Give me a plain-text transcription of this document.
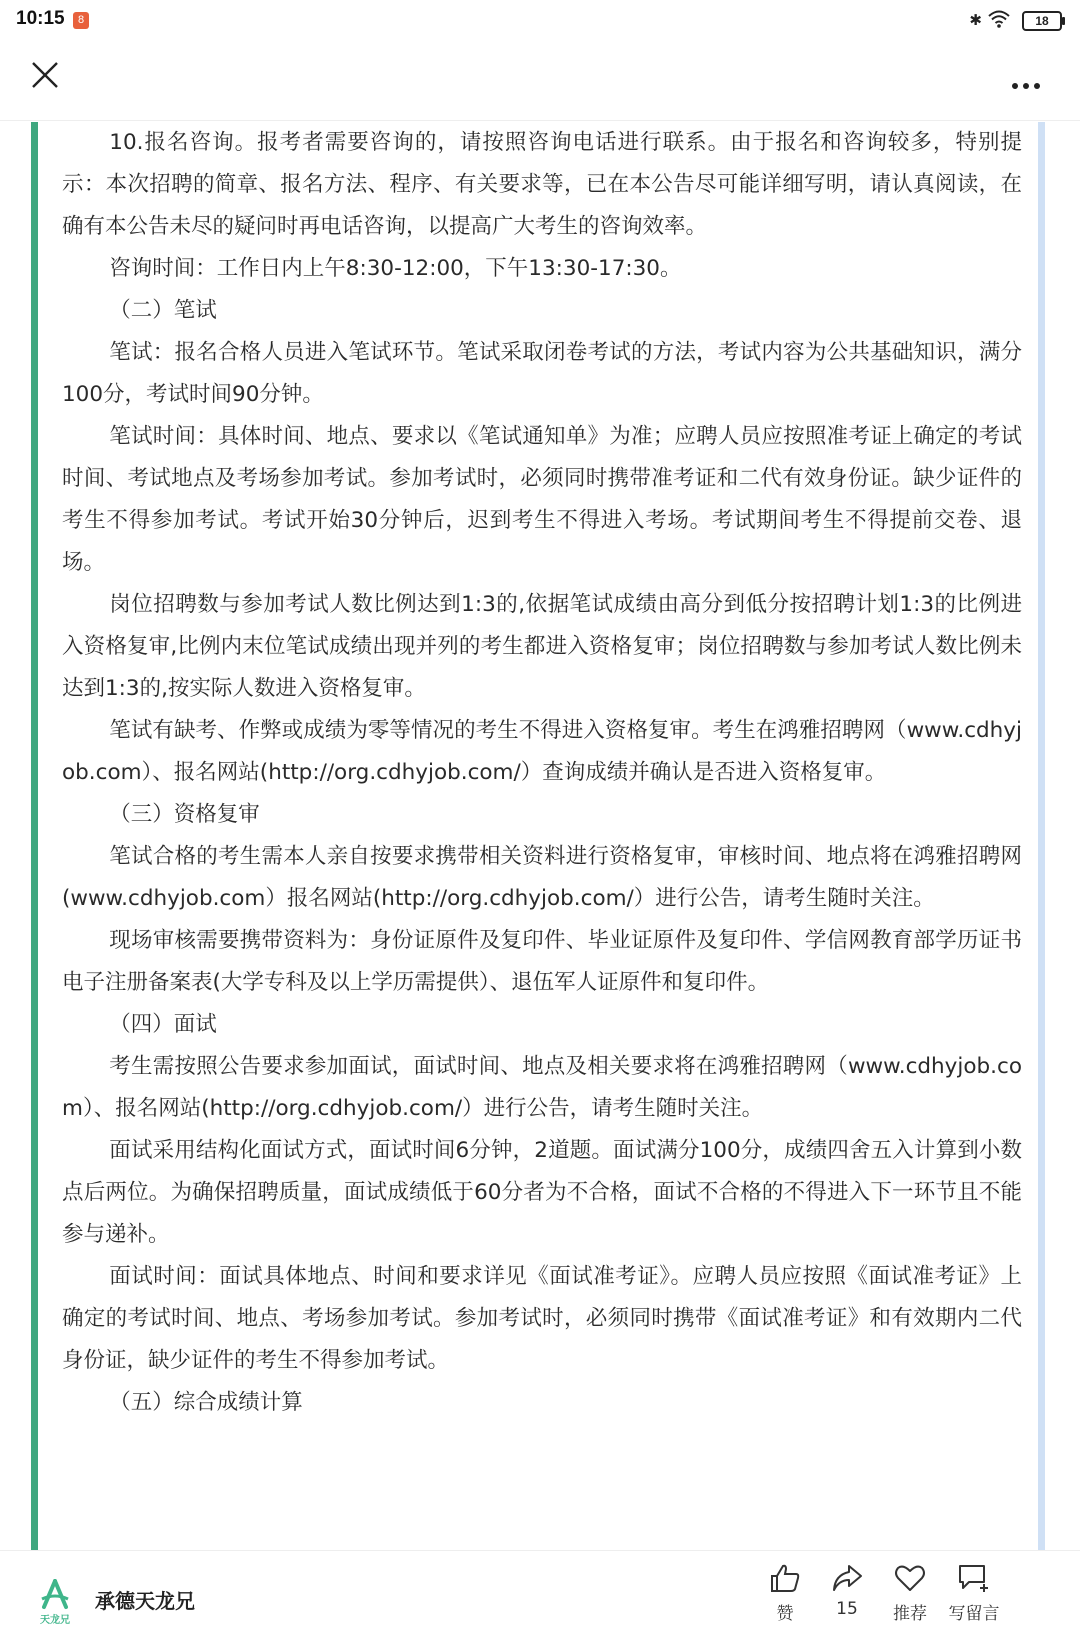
10:15	8	✱	18

10.报名咨询。报考者需要咨询的，请按照咨询电话进行联系。由于报名和咨询较多，特别提示：本次招聘的简章、报名方法、程序、有关要求等，已在本公告尽可能详细写明，请认真阅读，在确有本公告未尽的疑问时再电话咨询，以提高广大考生的咨询效率。

咨询时间：工作日内上午8:30-12:00，下午13:30-17:30。

（二）笔试

笔试：报名合格人员进入笔试环节。笔试采取闭卷考试的方法，考试内容为公共基础知识，满分100分，考试时间90分钟。

笔试时间：具体时间、地点、要求以《笔试通知单》为准；应聘人员应按照准考证上确定的考试时间、考试地点及考场参加考试。参加考试时，必须同时携带准考证和二代有效身份证。缺少证件的考生不得参加考试。考试开始30分钟后，迟到考生不得进入考场。考试期间考生不得提前交卷、退场。

岗位招聘数与参加考试人数比例达到1:3的,依据笔试成绩由高分到低分按招聘计划1:3的比例进入资格复审,比例内末位笔试成绩出现并列的考生都进入资格复审；岗位招聘数与参加考试人数比例未达到1:3的,按实际人数进入资格复审。

笔试有缺考、作弊或成绩为零等情况的考生不得进入资格复审。考生在鸿雅招聘网（www.cdhyjob.com）、报名网站(http://org.cdhyjob.com/）查询成绩并确认是否进入资格复审。

（三）资格复审

笔试合格的考生需本人亲自按要求携带相关资料进行资格复审，审核时间、地点将在鸿雅招聘网(www.cdhyjob.com）报名网站(http://org.cdhyjob.com/）进行公告，请考生随时关注。

现场审核需要携带资料为：身份证原件及复印件、毕业证原件及复印件、学信网教育部学历证书电子注册备案表(大学专科及以上学历需提供）、退伍军人证原件和复印件。

（四）面试

考生需按照公告要求参加面试，面试时间、地点及相关要求将在鸿雅招聘网（www.cdhyjob.com）、报名网站(http://org.cdhyjob.com/）进行公告，请考生随时关注。

面试采用结构化面试方式，面试时间6分钟，2道题。面试满分100分，成绩四舍五入计算到小数点后两位。为确保招聘质量，面试成绩低于60分者为不合格，面试不合格的不得进入下一环节且不能参与递补。

面试时间：面试具体地点、时间和要求详见《面试准考证》。应聘人员应按照《面试准考证》上确定的考试时间、地点、考场参加考试。参加考试时，必须同时携带《面试准考证》和有效期内二代身份证，缺少证件的考生不得参加考试。

（五）综合成绩计算

天龙兄
承德天龙兄
赞	15	推荐	写留言
